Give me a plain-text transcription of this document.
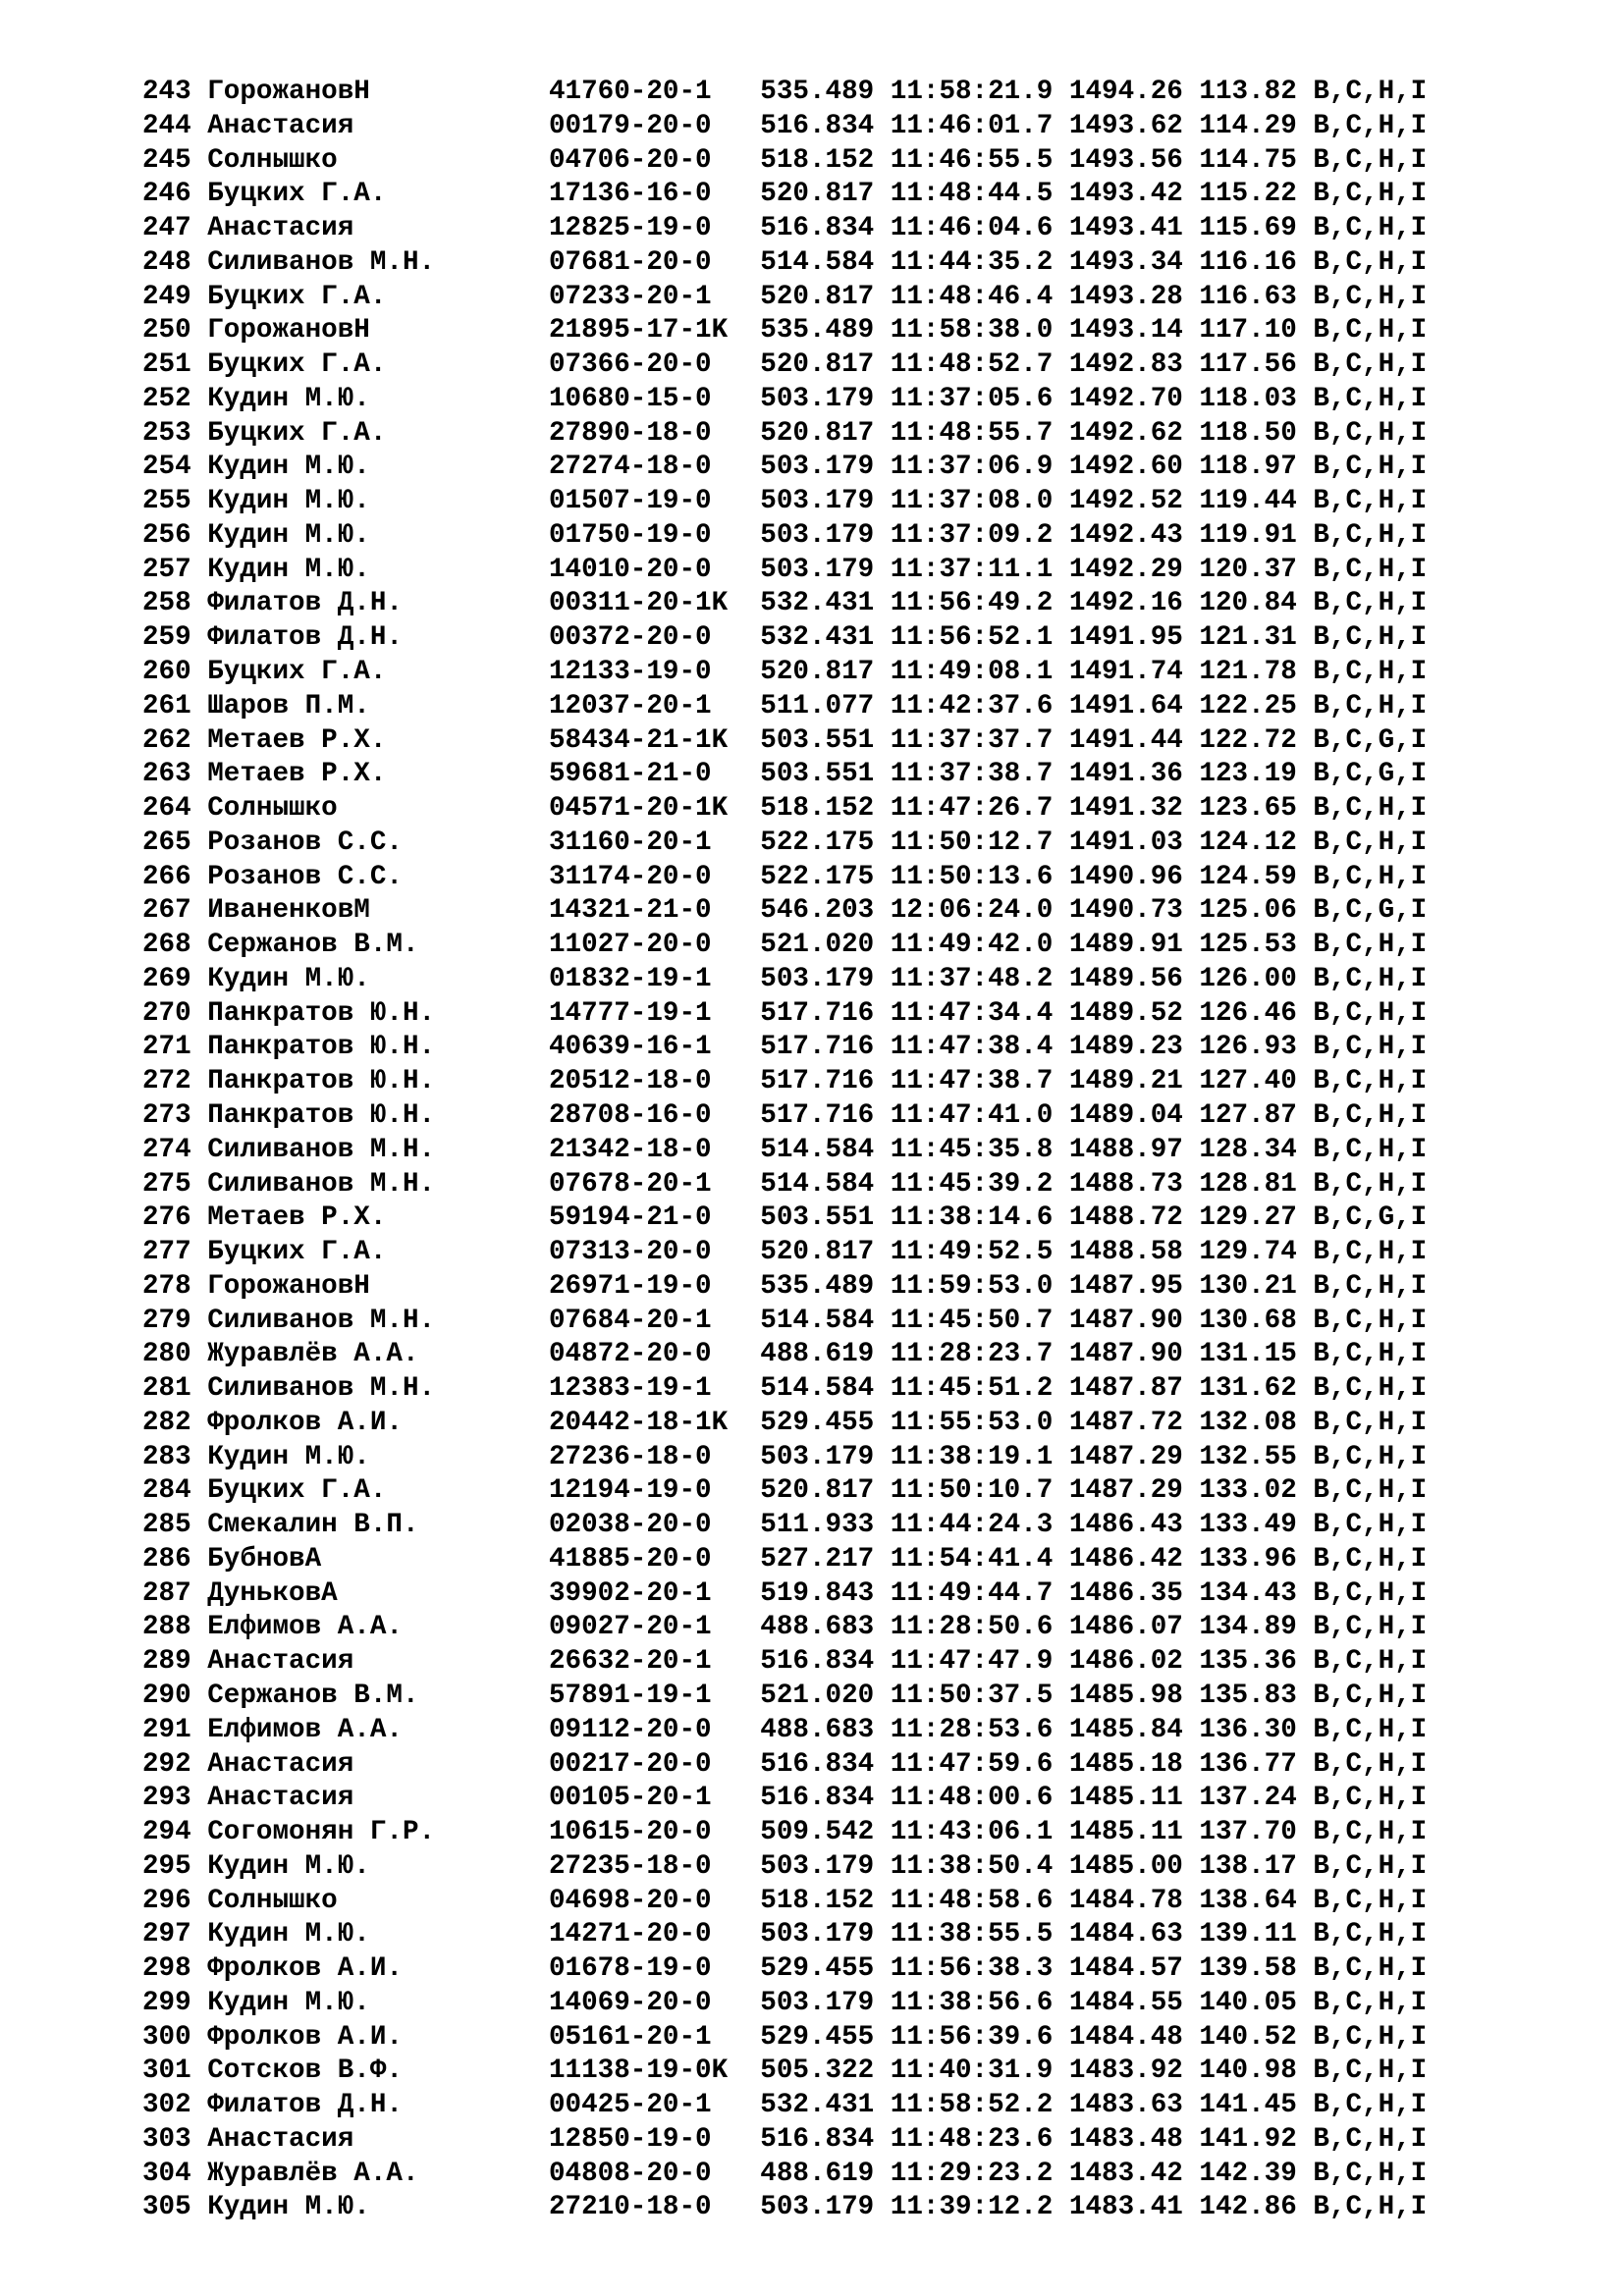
243 ГорожановН           41760-20-1   535.489 11:58:21.9 1494.26 113.82 B,C,H,I
244 Анастасия            00179-20-0   516.834 11:46:01.7 1493.62 114.29 B,C,H,I
245 Солнышко             04706-20-0   518.152 11:46:55.5 1493.56 114.75 B,C,H,I
246 Буцких Г.А.          17136-16-0   520.817 11:48:44.5 1493.42 115.22 B,C,H,I
247 Анастасия            12825-19-0   516.834 11:46:04.6 1493.41 115.69 B,C,H,I
248 Силиванов М.Н.       07681-20-0   514.584 11:44:35.2 1493.34 116.16 B,C,H,I
249 Буцких Г.А.          07233-20-1   520.817 11:48:46.4 1493.28 116.63 B,C,H,I
250 ГорожановН           21895-17-1K  535.489 11:58:38.0 1493.14 117.10 B,C,H,I
251 Буцких Г.А.          07366-20-0   520.817 11:48:52.7 1492.83 117.56 B,C,H,I
252 Кудин М.Ю.           10680-15-0   503.179 11:37:05.6 1492.70 118.03 B,C,H,I
253 Буцких Г.А.          27890-18-0   520.817 11:48:55.7 1492.62 118.50 B,C,H,I
254 Кудин М.Ю.           27274-18-0   503.179 11:37:06.9 1492.60 118.97 B,C,H,I
255 Кудин М.Ю.           01507-19-0   503.179 11:37:08.0 1492.52 119.44 B,C,H,I
256 Кудин М.Ю.           01750-19-0   503.179 11:37:09.2 1492.43 119.91 B,C,H,I
257 Кудин М.Ю.           14010-20-0   503.179 11:37:11.1 1492.29 120.37 B,C,H,I
258 Филатов Д.Н.         00311-20-1K  532.431 11:56:49.2 1492.16 120.84 B,C,H,I
259 Филатов Д.Н.         00372-20-0   532.431 11:56:52.1 1491.95 121.31 B,C,H,I
260 Буцких Г.А.          12133-19-0   520.817 11:49:08.1 1491.74 121.78 B,C,H,I
261 Шаров П.М.           12037-20-1   511.077 11:42:37.6 1491.64 122.25 B,C,H,I
262 Метаев Р.Х.          58434-21-1K  503.551 11:37:37.7 1491.44 122.72 B,C,G,I
263 Метаев Р.Х.          59681-21-0   503.551 11:37:38.7 1491.36 123.19 B,C,G,I
264 Солнышко             04571-20-1K  518.152 11:47:26.7 1491.32 123.65 B,C,H,I
265 Розанов С.С.         31160-20-1   522.175 11:50:12.7 1491.03 124.12 B,C,H,I
266 Розанов С.С.         31174-20-0   522.175 11:50:13.6 1490.96 124.59 B,C,H,I
267 ИваненковМ           14321-21-0   546.203 12:06:24.0 1490.73 125.06 B,C,G,I
268 Сержанов В.М.        11027-20-0   521.020 11:49:42.0 1489.91 125.53 B,C,H,I
269 Кудин М.Ю.           01832-19-1   503.179 11:37:48.2 1489.56 126.00 B,C,H,I
270 Панкратов Ю.Н.       14777-19-1   517.716 11:47:34.4 1489.52 126.46 B,C,H,I
271 Панкратов Ю.Н.       40639-16-1   517.716 11:47:38.4 1489.23 126.93 B,C,H,I
272 Панкратов Ю.Н.       20512-18-0   517.716 11:47:38.7 1489.21 127.40 B,C,H,I
273 Панкратов Ю.Н.       28708-16-0   517.716 11:47:41.0 1489.04 127.87 B,C,H,I
274 Силиванов М.Н.       21342-18-0   514.584 11:45:35.8 1488.97 128.34 B,C,H,I
275 Силиванов М.Н.       07678-20-1   514.584 11:45:39.2 1488.73 128.81 B,C,H,I
276 Метаев Р.Х.          59194-21-0   503.551 11:38:14.6 1488.72 129.27 B,C,G,I
277 Буцких Г.А.          07313-20-0   520.817 11:49:52.5 1488.58 129.74 B,C,H,I
278 ГорожановН           26971-19-0   535.489 11:59:53.0 1487.95 130.21 B,C,H,I
279 Силиванов М.Н.       07684-20-1   514.584 11:45:50.7 1487.90 130.68 B,C,H,I
280 Журавлёв А.А.        04872-20-0   488.619 11:28:23.7 1487.90 131.15 B,C,H,I
281 Силиванов М.Н.       12383-19-1   514.584 11:45:51.2 1487.87 131.62 B,C,H,I
282 Фролков А.И.         20442-18-1K  529.455 11:55:53.0 1487.72 132.08 B,C,H,I
283 Кудин М.Ю.           27236-18-0   503.179 11:38:19.1 1487.29 132.55 B,C,H,I
284 Буцких Г.А.          12194-19-0   520.817 11:50:10.7 1487.29 133.02 B,C,H,I
285 Смекалин В.П.        02038-20-0   511.933 11:44:24.3 1486.43 133.49 B,C,H,I
286 БубновА              41885-20-0   527.217 11:54:41.4 1486.42 133.96 B,C,H,I
287 ДуньковА             39902-20-1   519.843 11:49:44.7 1486.35 134.43 B,C,H,I
288 Елфимов А.А.         09027-20-1   488.683 11:28:50.6 1486.07 134.89 B,C,H,I
289 Анастасия            26632-20-1   516.834 11:47:47.9 1486.02 135.36 B,C,H,I
290 Сержанов В.М.        57891-19-1   521.020 11:50:37.5 1485.98 135.83 B,C,H,I
291 Елфимов А.А.         09112-20-0   488.683 11:28:53.6 1485.84 136.30 B,C,H,I
292 Анастасия            00217-20-0   516.834 11:47:59.6 1485.18 136.77 B,C,H,I
293 Анастасия            00105-20-1   516.834 11:48:00.6 1485.11 137.24 B,C,H,I
294 Согомонян Г.Р.       10615-20-0   509.542 11:43:06.1 1485.11 137.70 B,C,H,I
295 Кудин М.Ю.           27235-18-0   503.179 11:38:50.4 1485.00 138.17 B,C,H,I
296 Солнышко             04698-20-0   518.152 11:48:58.6 1484.78 138.64 B,C,H,I
297 Кудин М.Ю.           14271-20-0   503.179 11:38:55.5 1484.63 139.11 B,C,H,I
298 Фролков А.И.         01678-19-0   529.455 11:56:38.3 1484.57 139.58 B,C,H,I
299 Кудин М.Ю.           14069-20-0   503.179 11:38:56.6 1484.55 140.05 B,C,H,I
300 Фролков А.И.         05161-20-1   529.455 11:56:39.6 1484.48 140.52 B,C,H,I
301 Сотсков В.Ф.         11138-19-0K  505.322 11:40:31.9 1483.92 140.98 B,C,H,I
302 Филатов Д.Н.         00425-20-1   532.431 11:58:52.2 1483.63 141.45 B,C,H,I
303 Анастасия            12850-19-0   516.834 11:48:23.6 1483.48 141.92 B,C,H,I
304 Журавлёв А.А.        04808-20-0   488.619 11:29:23.2 1483.42 142.39 B,C,H,I
305 Кудин М.Ю.           27210-18-0   503.179 11:39:12.2 1483.41 142.86 B,C,H,I
